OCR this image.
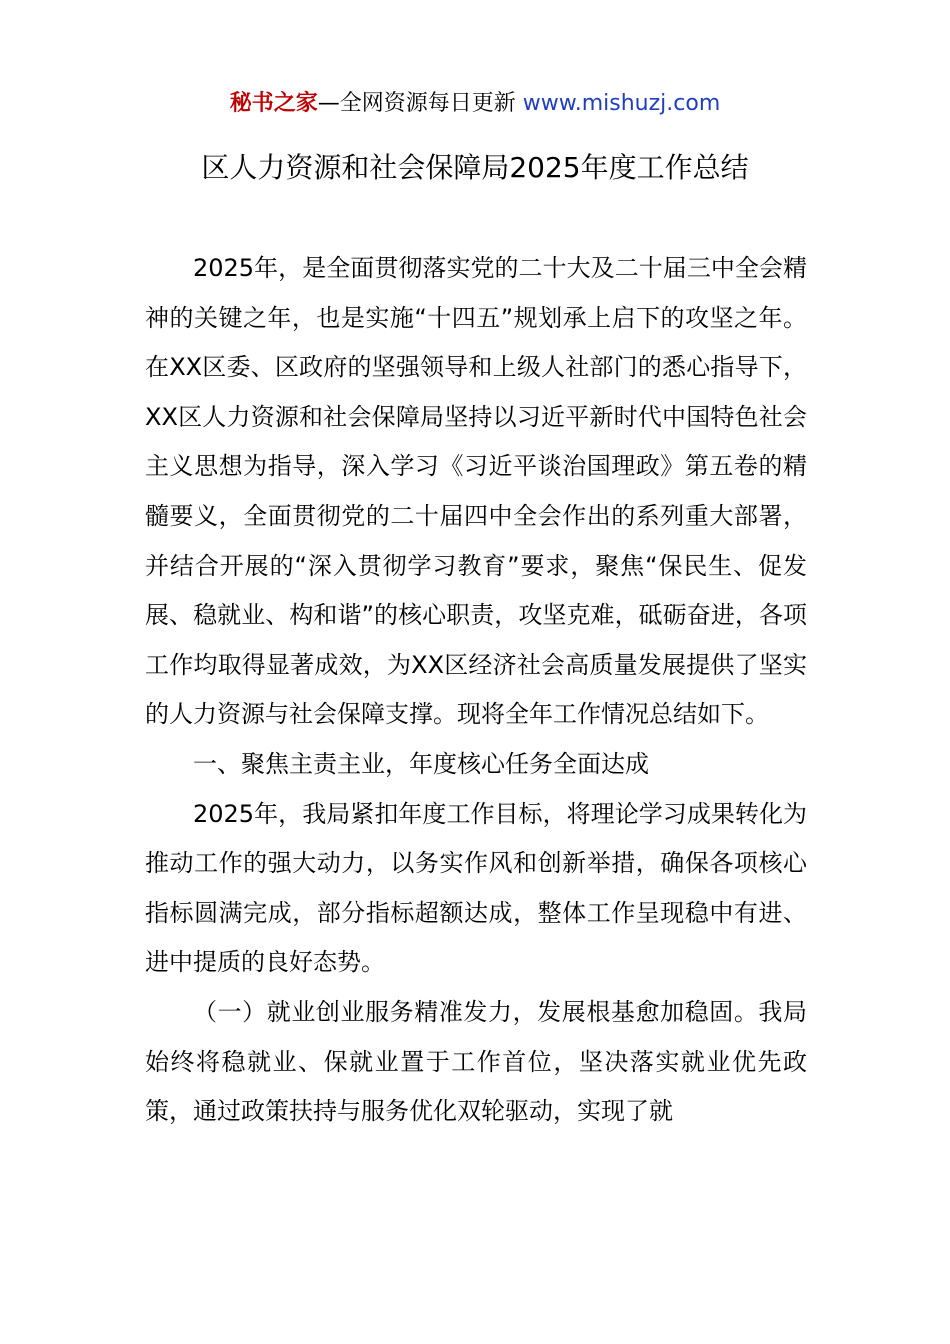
秘书之家—全网资源每日更新 www.mishuzj.com
区人力资源和社会保障局2025年度工作总结

2025年，是全面贯彻落实党的二十大及二十届三中全会精神的关键之年，也是实施“十四五”规划承上启下的攻坚之年。在XX区委、区政府的坚强领导和上级人社部门的悉心指导下，XX区人力资源和社会保障局坚持以习近平新时代中国特色社会主义思想为指导，深入学习《习近平谈治国理政》第五卷的精髓要义，全面贯彻党的二十届四中全会作出的系列重大部署，并结合开展的“深入贯彻学习教育”要求，聚焦“保民生、促发展、稳就业、构和谐”的核心职责，攻坚克难，砥砺奋进，各项工作均取得显著成效，为XX区经济社会高质量发展提供了坚实的人力资源与社会保障支撑。现将全年工作情况总结如下。

一、聚焦主责主业，年度核心任务全面达成

2025年，我局紧扣年度工作目标，将理论学习成果转化为推动工作的强大动力，以务实作风和创新举措，确保各项核心指标圆满完成，部分指标超额达成，整体工作呈现稳中有进、进中提质的良好态势。

（一）就业创业服务精准发力，发展根基愈加稳固。我局始终将稳就业、保就业置于工作首位，坚决落实就业优先政策，通过政策扶持与服务优化双轮驱动，实现了就
